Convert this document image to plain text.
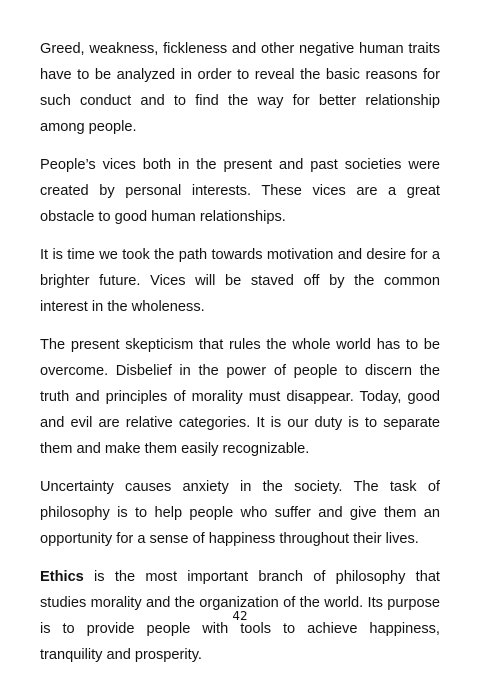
Greed, weakness, fickleness and other negative human traits have to be analyzed in order to reveal the basic reasons for such conduct and to find the way for better relationship among people.

People’s vices both in the present and past societies were created by personal interests. These vices are a great obstacle to good human relationships.

It is time we took the path towards motivation and desire for a brighter future. Vices will be staved off by the common interest in the wholeness.

The present skepticism that rules the whole world has to be overcome. Disbelief in the power of people to discern the truth and principles of morality must disappear. Today, good and evil are relative categories. It is our duty is to separate them and make them easily recognizable.

Uncertainty causes anxiety in the society. The task of philosophy is to help people who suffer and give them an opportunity for a sense of happiness throughout their lives.

Ethics is the most important branch of philosophy that studies morality and the organization of the world. Its purpose is to provide people with tools to achieve happiness, tranquility and prosperity.

42
